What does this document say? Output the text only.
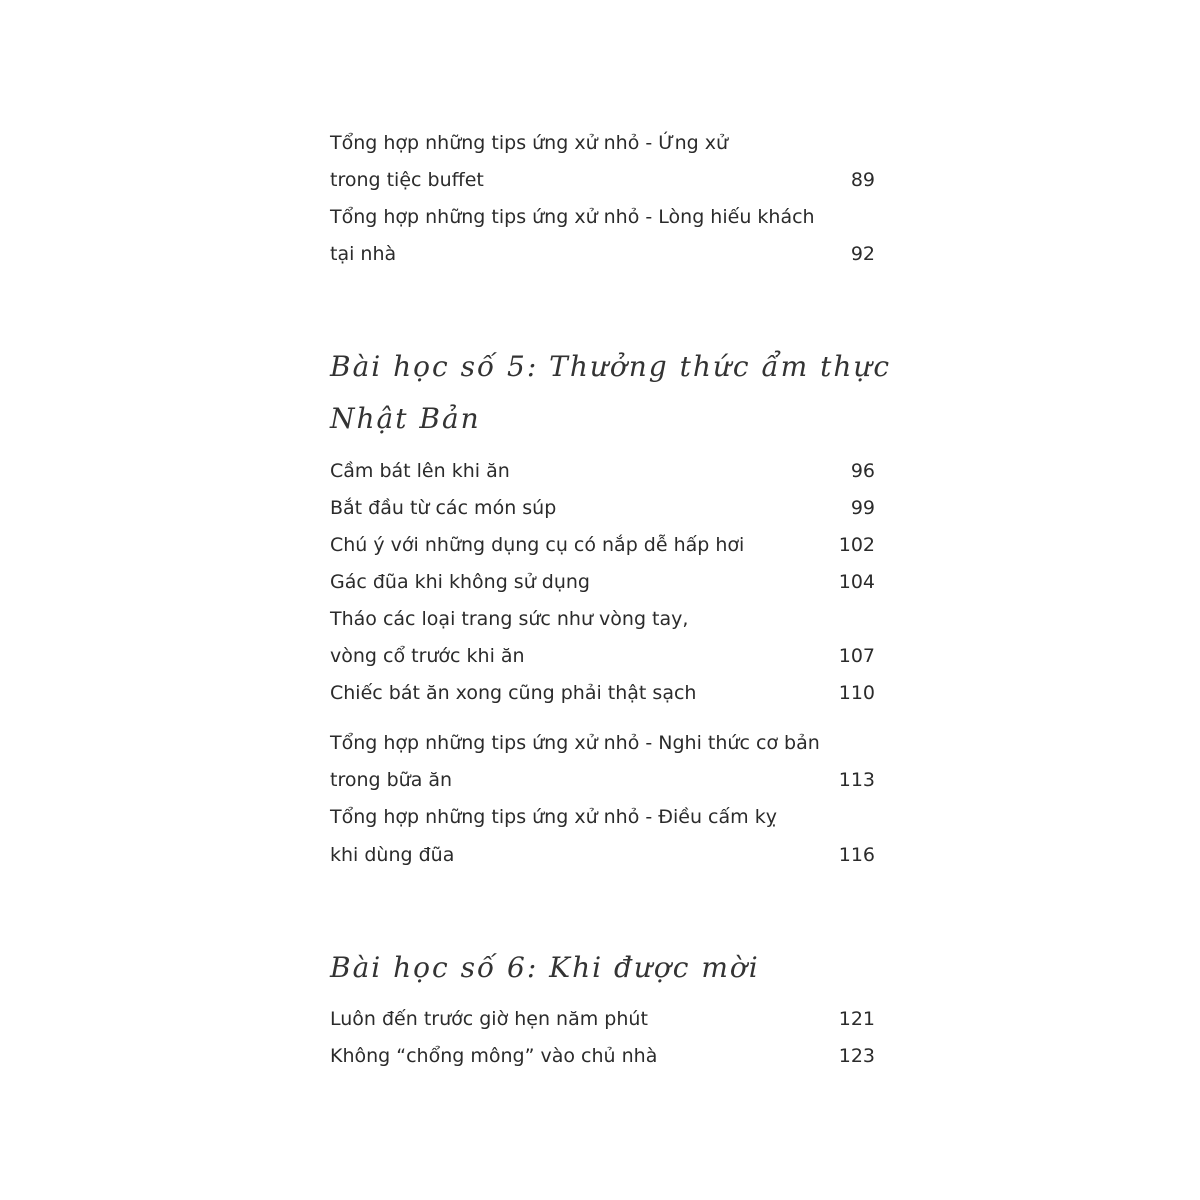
Tổng hợp những tips ứng xử nhỏ - Ứng xử
trong tiệc buffet	89
Tổng hợp những tips ứng xử nhỏ - Lòng hiếu khách
tại nhà	92
Bài học số 5: Thưởng thức ẩm thực
Nhật Bản
Cầm bát lên khi ăn	96
Bắt đầu từ các món súp	99
Chú ý với những dụng cụ có nắp dễ hấp hơi	102
Gác đũa khi không sử dụng	104
Tháo các loại trang sức như vòng tay,
vòng cổ trước khi ăn	107
Chiếc bát ăn xong cũng phải thật sạch	110
Tổng hợp những tips ứng xử nhỏ - Nghi thức cơ bản
trong bữa ăn	113
Tổng hợp những tips ứng xử nhỏ - Điều cấm kỵ
khi dùng đũa	116
Bài học số 6: Khi được mời
Luôn đến trước giờ hẹn năm phút	121
Không “chổng mông” vào chủ nhà	123
